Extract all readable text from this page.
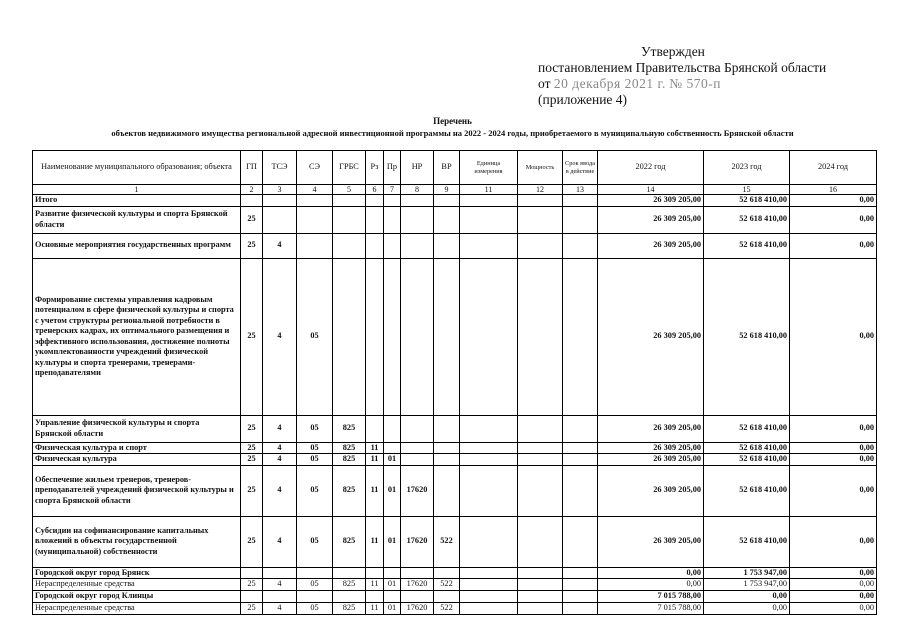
Утвержден
постановлением Правительства Брянской области
от 20 декабря 2021 г. № 570-п
(приложение 4)
Перечень
объектов недвижимого имущества региональной адресной инвестиционной программы на 2022 - 2024 годы, приобретаемого в муниципальную собственность Брянской области
Наименование муниципального образования; объекта	ГП	ТСЭ	СЭ	ГРБС	Рз	Пр	НР	ВР	Единица измерения	Мощность	Срок ввода в действие	2022 год	2023 год	2024 год
1	2	3	4	5	6	7	8	9	11	12	13	14	15	16
Итого												26 309 205,00	52 618 410,00	0,00
Развитие физической культуры и спорта Брянской области	25											26 309 205,00	52 618 410,00	0,00
Основные мероприятия государственных программ	25	4										26 309 205,00	52 618 410,00	0,00
Формирование системы управления кадровым потенциалом в сфере физической культуры и спорта с учетом структуры региональной потребности в тренерских кадрах, их оптимального размещения и эффективного использования, достижение полноты укомплектованности учреждений физической культуры и спорта тренерами, тренерами-преподавателями	25	4	05									26 309 205,00	52 618 410,00	0,00
Управление физической культуры и спорта Брянской области	25	4	05	825								26 309 205,00	52 618 410,00	0,00
Физическая культура и спорт	25	4	05	825	11							26 309 205,00	52 618 410,00	0,00
Физическая культура	25	4	05	825	11	01						26 309 205,00	52 618 410,00	0,00
Обеспечение жильем тренеров, тренеров-преподавателей учреждений физической культуры и спорта Брянской области	25	4	05	825	11	01	17620					26 309 205,00	52 618 410,00	0,00
Субсидии на софинансирование капитальных вложений в объекты государственной (муниципальной) собственности	25	4	05	825	11	01	17620	522				26 309 205,00	52 618 410,00	0,00
Городской округ город Брянск												0,00	1 753 947,00	0,00
Нераспределенные средства	25	4	05	825	11	01	17620	522				0,00	1 753 947,00	0,00
Городской округ город Клинцы												7 015 788,00	0,00	0,00
Нераспределенные средства	25	4	05	825	11	01	17620	522				7 015 788,00	0,00	0,00
